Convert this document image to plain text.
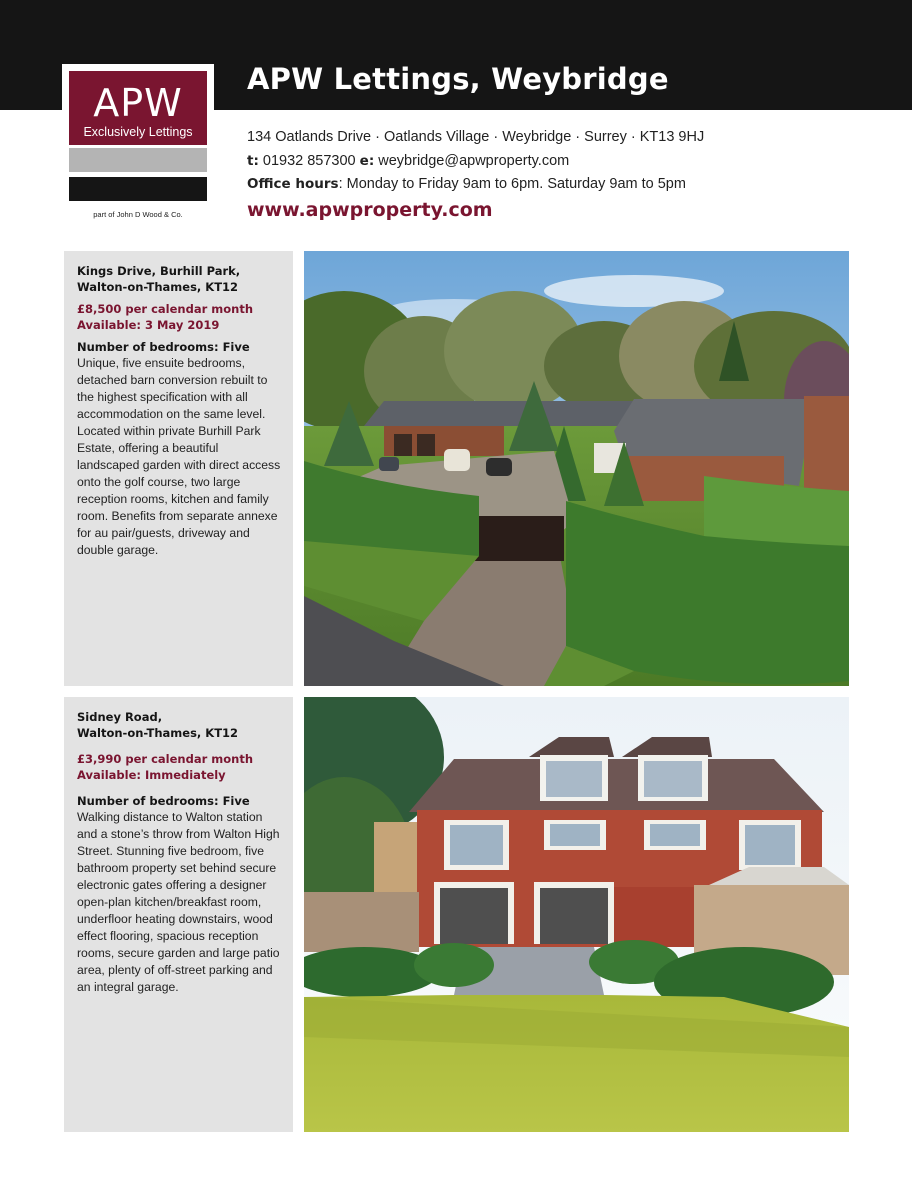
APW
Exclusively Lettings
part of John D Wood & Co.
APW Lettings, Weybridge
134 Oatlands Drive · Oatlands Village · Weybridge · Surrey · KT13 9HJ
t: 01932 857300 e: weybridge@apwproperty.com
Office hours: Monday to Friday 9am to 6pm. Saturday 9am to 5pm
www.apwproperty.com
Kings Drive, Burhill Park,
Walton-on-Thames, KT12
£8,500 per calendar month
Available: 3 May 2019
Number of bedrooms: Five
Unique, five ensuite bedrooms, detached barn conversion rebuilt to the highest specification with all accommodation on the same level. Located within private Burhill Park Estate, offering a beautiful landscaped garden with direct access onto the golf course, two large reception rooms, kitchen and family room. Benefits from separate annexe for au pair/guests, driveway and double garage.
Sidney Road,
Walton-on-Thames, KT12
£3,990 per calendar month
Available: Immediately
Number of bedrooms: Five
Walking distance to Walton station and a stone’s throw from Walton High Street. Stunning five bedroom, five bathroom property set behind secure electronic gates offering a designer open-plan kitchen/breakfast room, underfloor heating downstairs, wood effect flooring, spacious reception rooms, secure garden and large patio area, plenty of off-street parking and an integral garage.
